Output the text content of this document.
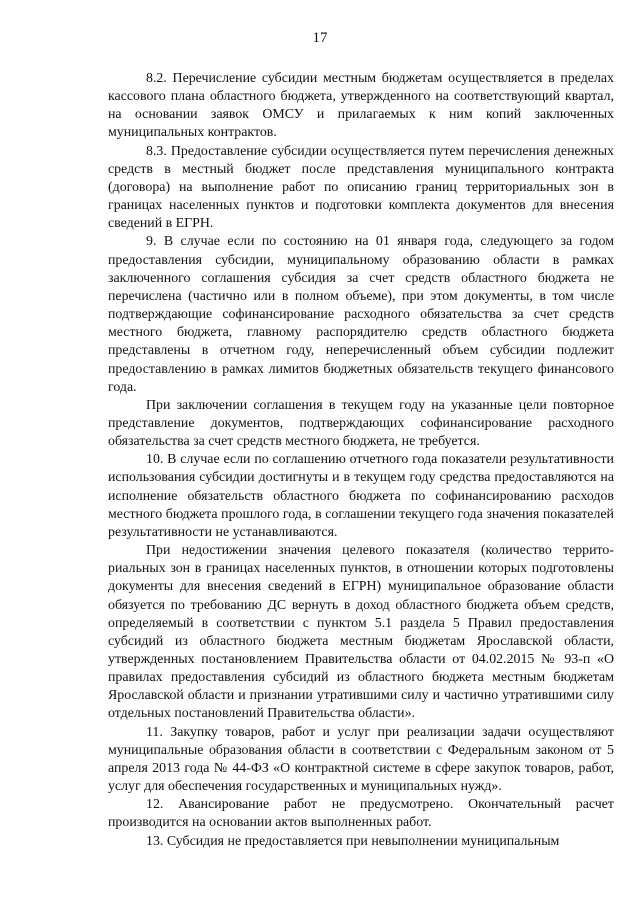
17

8.2. Перечисление субсидии местным бюджетам осуществляется в пределах кассового плана областного бюджета, утвержденного на соответствующий квартал, на основании заявок ОМСУ и прилагаемых к ним копий заключенных муниципальных контрактов.

8.3. Предоставление субсидии осуществляется путем перечисления денежных средств в местный бюджет после представления муниципального контракта (договора) на выполнение работ по описанию границ территориальных зон в границах населенных пунктов и подготовки комплекта документов для внесения сведений в ЕГРН.

9. В случае если по состоянию на 01 января года, следующего за годом предоставления субсидии, муниципальному образованию области в рамках заключенного соглашения субсидия за счет средств областного бюджета не перечислена (частично или в полном объеме), при этом документы, в том числе подтверждающие софинансирование расходного обязательства за счет средств местного бюджета, главному распорядителю средств областного бюджета представлены в отчетном году, неперечисленный объем субсидии подлежит предоставлению в рамках лимитов бюджетных обязательств текущего финансового года.

При заключении соглашения в текущем году на указанные цели повторное представление документов, подтверждающих софинансирование расходного обязательства за счет средств местного бюджета, не требуется.

10. В случае если по соглашению отчетного года показатели результативности использования субсидии достигнуты и в текущем году средства предоставляются на исполнение обязательств областного бюджета по софинансированию расходов местного бюджета прошлого года, в соглашении текущего года значения показателей результативности не устанавливаются.

При недостижении значения целевого показателя (количество территориальных зон в границах населенных пунктов, в отношении которых подготовлены документы для внесения сведений в ЕГРН) муниципальное образование области обязуется по требованию ДС вернуть в доход областного бюджета объем средств, определяемый в соответствии с пунктом 5.1 раздела 5 Правил предоставления субсидий из областного бюджета местным бюджетам Ярославской области, утвержденных постановлением Правительства области от 04.02.2015 № 93-п «О правилах предоставления субсидий из областного бюджета местным бюджетам Ярославской области и признании утратившими силу и частично утратившими силу отдельных постановлений Правительства области».

11. Закупку товаров, работ и услуг при реализации задачи осуществляют муниципальные образования области в соответствии с Федеральным законом от 5 апреля 2013 года № 44-ФЗ «О контрактной системе в сфере закупок товаров, работ, услуг для обеспечения государственных и муниципальных нужд».

12. Авансирование работ не предусмотрено. Окончательный расчет производится на основании актов выполненных работ.

13. Субсидия не предоставляется при невыполнении муниципальным
